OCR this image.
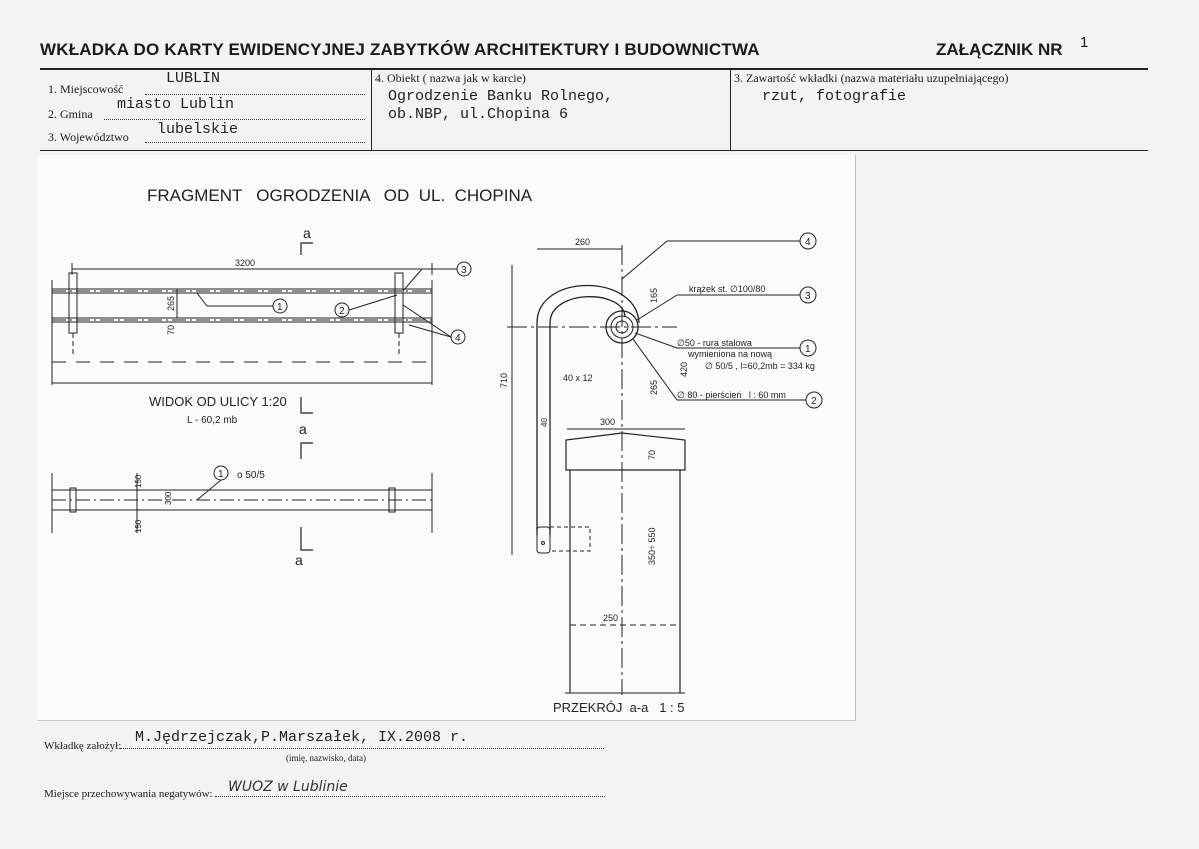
WKŁADKA DO KARTY EWIDENCYJNEJ ZABYTKÓW ARCHITEKTURY I BUDOWNICTWA	ZAŁĄCZNIK NR 1
1. Miejscowość
LUBLIN
2. Gmina
miasto Lublin
3. Województwo lubelskie
4. Obiekt ( nazwa jak w karcie)
Ogrodzenie Banku Rolnego,
ob.NBP, ul.Chopina 6
3. Zawartość wkładki (nazwa materiału uzupełniającego)
rzut, fotografie
FRAGMENT   OGRODZENIA   OD  UL.  CHOPINA
a
3200
265
70
1	2
3
4
WIDOK OD ULICY 1:20
L - 60,2 mb
a
150
300
150
1 o 50/5
a
260
165
710	40 x 12
420
265
40	300
70
350÷ 550
250
PRZEKRÓJ  a-a   1 : 5
4
krążek st. ∅100/80
3
∅50 - rura stalowa
wymieniona na nową
∅ 50/5 , l=60,2mb = 334 kg
1
∅ 80 - pierścień   l : 60 mm
2
Wkładkę założył: M.Jędrzejczak,P.Marszałek, IX.2008 r.
(imię, nazwisko, data)
Miejsce przechowywania negatywów: WUOZ w Lublinie
